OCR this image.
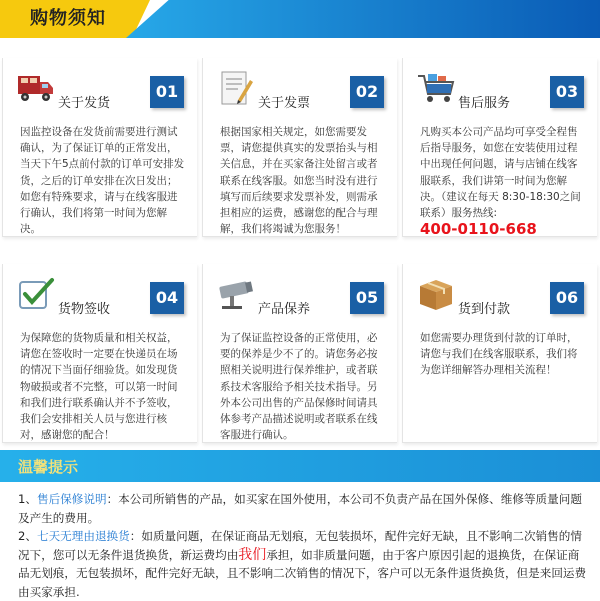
购物须知
关于发货
01
因监控设备在发货前需要进行测试确认，为了保证订单的正常发出，当天下午5点前付款的订单可安排发货，之后的订单安排在次日发出；如您有特殊要求，请与在线客服进行确认，我们将第一时间为您解决。
关于发票
02
根据国家相关规定，如您需要发票，请您提供真实的发票抬头与相关信息，并在买家备注处留言或者联系在线客服。如您当时没有进行填写而后续要求发票补发，则需承担相应的运费，感谢您的配合与理解，我们将竭诚为您服务！
售后服务
03
凡购买本公司产品均可享受全程售后指导服务，如您在安装使用过程中出现任何问题，请与店铺在线客服联系，我们讲第一时间为您解决。（建议在每天 8:30-18:30之间联系）服务热线:
400-0110-668
货物签收
04
为保障您的货物质量和相关权益，请您在签收时一定要在快递员在场的情况下当面仔细验货。如发现货物破损或者不完整，可以第一时间和我们进行联系确认并不予签收，我们会安排相关人员与您进行核对，感谢您的配合！
产品保养
05
为了保证监控设备的正常使用，必要的保养是少不了的。请您务必按照相关说明进行保养维护，或者联系技术客服给予相关技术指导。另外本公司出售的产品保修时间请具体参考产品描述说明或者联系在线客服进行确认。
货到付款
06
如您需要办理货到付款的订单时，请您与我们在线客服联系，我们将为您详细解答办理相关流程！
温馨提示
1、售后保修说明：本公司所销售的产品，如买家在国外使用，本公司不负责产品在国外保修、维修等质量问题及产生的费用。
2、七天无理由退换货：如质量问题，在保证商品无划痕，无包装损坏，配件完好无缺，且不影响二次销售的情况下，您可以无条件退货换货，新运费均由我们承担，如非质量问题，由于客户原因引起的退换货，在保证商品无划痕，无包装损坏，配件完好无缺，且不影响二次销售的情况下，客户可以无条件退货换货，但是来回运费由买家承担.
